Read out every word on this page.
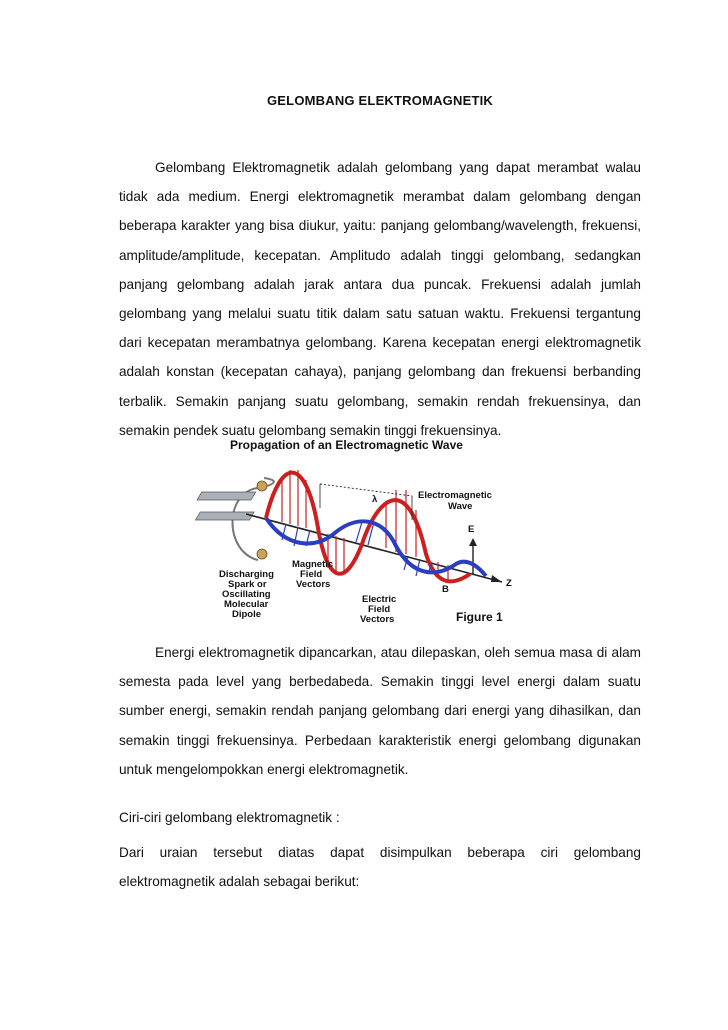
GELOMBANG ELEKTROMAGNETIK

Gelombang Elektromagnetik adalah gelombang yang dapat merambat walau tidak ada medium. Energi elektromagnetik merambat dalam gelombang dengan beberapa karakter yang bisa diukur, yaitu: panjang gelombang/wavelength, frekuensi, amplitude/amplitude, kecepatan. Amplitudo adalah tinggi gelombang, sedangkan panjang gelombang adalah jarak antara dua puncak. Frekuensi adalah jumlah gelombang yang melalui suatu titik dalam satu satuan waktu. Frekuensi tergantung dari kecepatan merambatnya gelombang. Karena kecepatan energi elektromagnetik adalah konstan (kecepatan cahaya), panjang gelombang dan frekuensi berbanding terbalik. Semakin panjang suatu gelombang, semakin rendah frekuensinya, dan semakin pendek suatu gelombang semakin tinggi frekuensinya.

Propagation of an Electromagnetic Wave
λ	Electromagnetic
Wave
E
B
Z
Magnetic
Field
Vectors
Electric
Field
Vectors
Discharging
Spark or
Oscillating
Molecular
Dipole	Figure 1

Energi elektromagnetik dipancarkan, atau dilepaskan, oleh semua masa di alam semesta pada level yang berbedabeda. Semakin tinggi level energi dalam suatu sumber energi, semakin rendah panjang gelombang dari energi yang dihasilkan, dan semakin tinggi frekuensinya. Perbedaan karakteristik energi gelombang digunakan untuk mengelompokkan energi elektromagnetik.

Ciri-ciri gelombang elektromagnetik :

Dari uraian tersebut diatas dapat disimpulkan beberapa ciri gelombang elektromagnetik adalah sebagai berikut:
